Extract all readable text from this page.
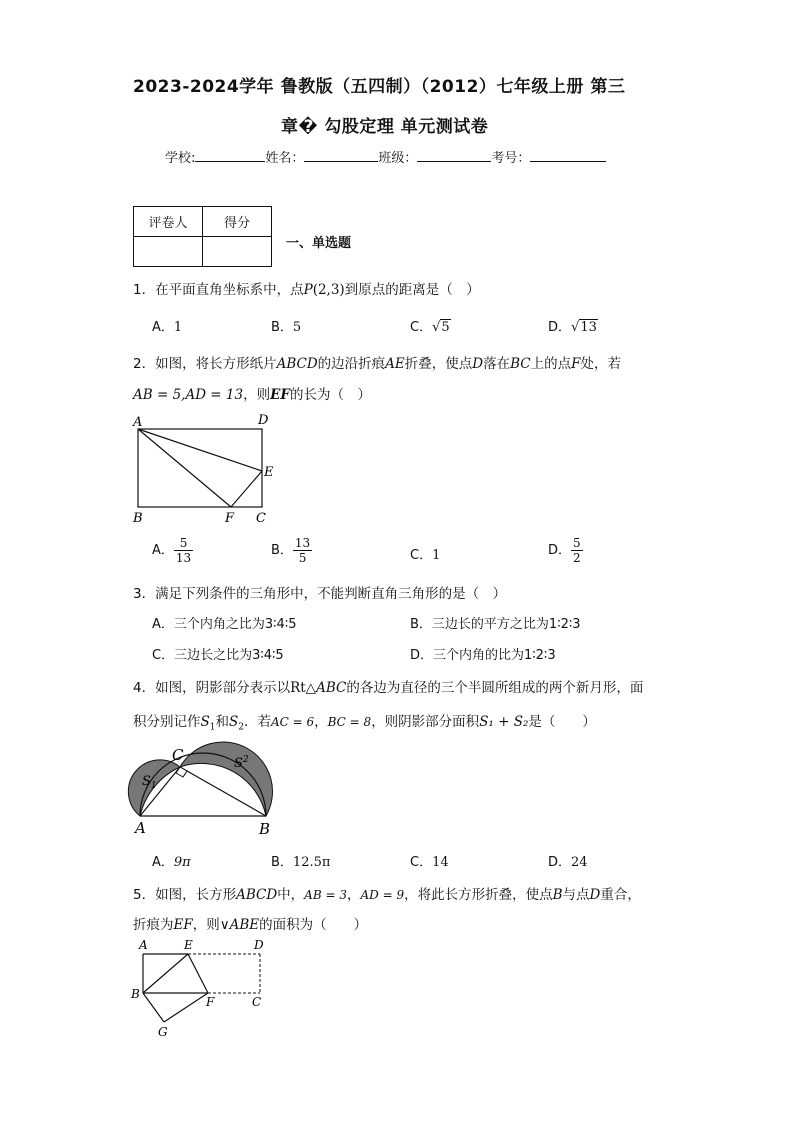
2023-2024学年 鲁教版（五四制）（2012）七年级上册 第三
章� 勾股定理 单元测试卷
学校:	姓名：	班级：	考号：
评卷人	得分

一、单选题
1．在平面直角坐标系中，点P(2,3)到原点的距离是（　）
A．1	B．5	C．√5	D．√13
2．如图，将长方形纸片ABCD的边沿折痕AE折叠，使点D落在BC上的点F处，若
AB = 5,AD = 13，则EF的长为（　）
A	D
E
B	F C
A． $\frac{5}{13}$	B． $\frac{13}{5}$	C．1	D． $\frac{5}{2}$
3．满足下列条件的三角形中，不能判断直角三角形的是（　）
A．三个内角之比为3∶4∶5	B．三边长的平方之比为1∶2∶3
C．三边长之比为3∶4∶5	D．三个内角的比为1∶2∶3
4．如图，阴影部分表示以Rt△ABC的各边为直径的三个半圆所组成的两个新月形，面
积分别记作$S_1$和$S_2$．若AC = 6，BC = 8，则阴影部分面积S₁ + S₂是（　　）
C
$S_1$
$S^2$
A	B
A．9π	B．12.5π	C．14	D．24
5．如图，长方形ABCD中，AB = 3，AD = 9，将此长方形折叠，使点B与点D重合，
折痕为EF，则∨ABE的面积为（　　）
A	E	D
B
F	C
G
